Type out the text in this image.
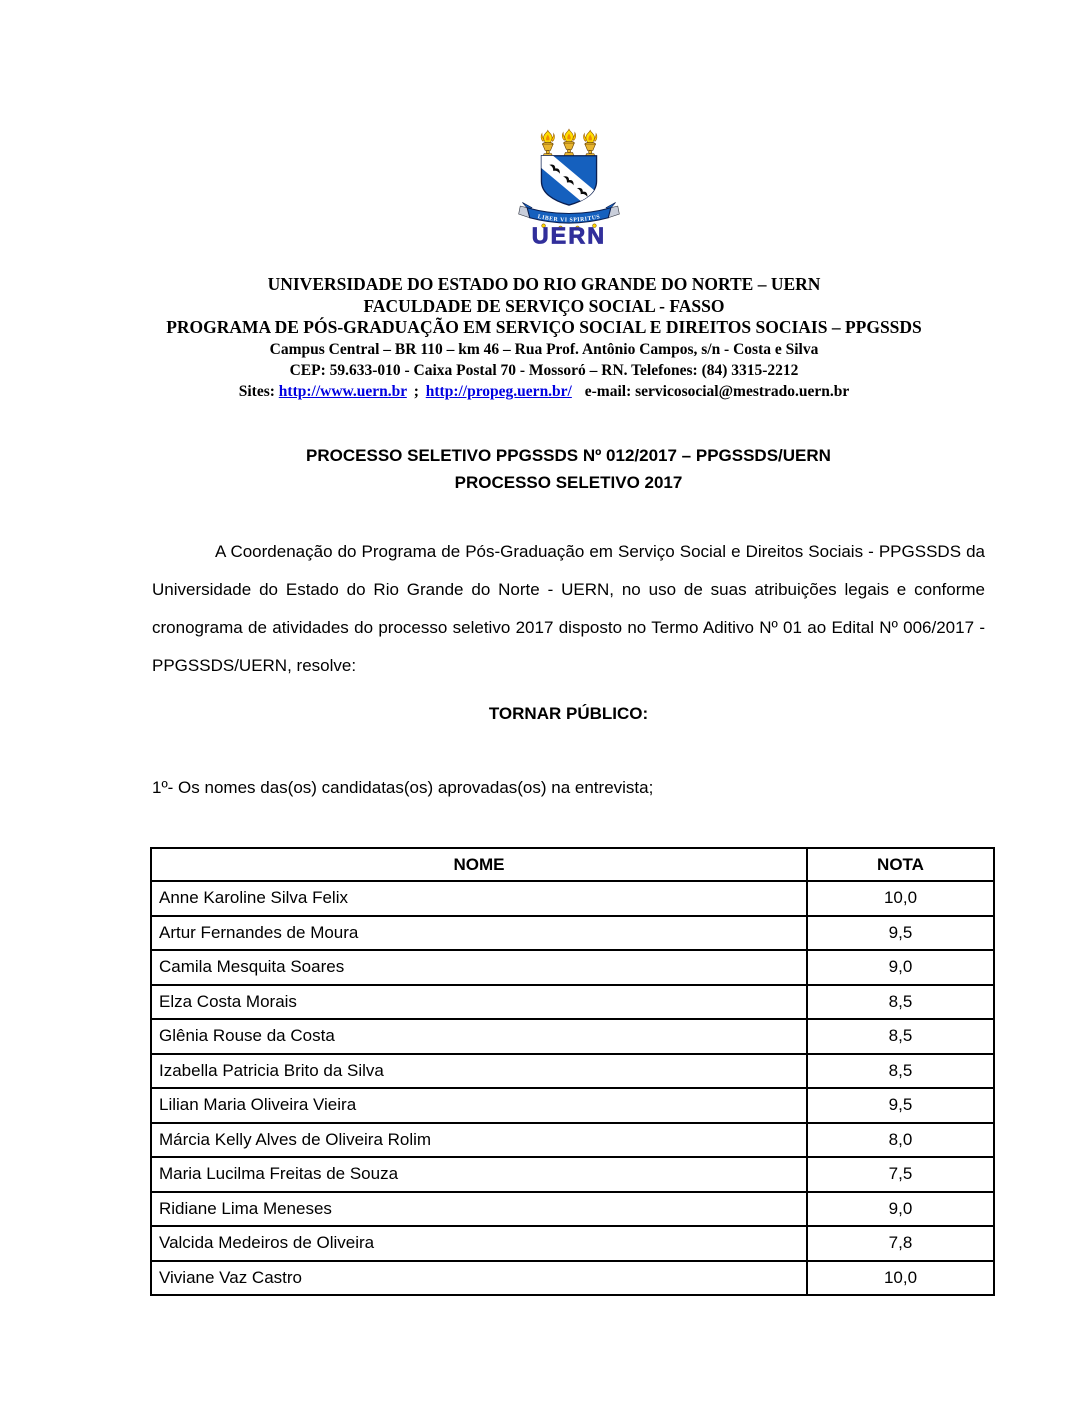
LIBER VI SPIRITUS
UERN
UNIVERSIDADE DO ESTADO DO RIO GRANDE DO NORTE – UERN
FACULDADE DE SERVIÇO SOCIAL - FASSO
PROGRAMA DE PÓS-GRADUAÇÃO EM SERVIÇO SOCIAL E DIREITOS SOCIAIS – PPGSSDS
Campus Central – BR 110 – km 46 – Rua Prof. Antônio Campos, s/n - Costa e Silva
CEP: 59.633-010 - Caixa Postal 70 - Mossoró – RN. Telefones: (84) 3315-2212
Sites: http://www.uern.br ; http://propeg.uern.br/ e-mail: servicosocial@mestrado.uern.br
PROCESSO SELETIVO PPGSSDS Nº 012/2017 – PPGSSDS/UERN
PROCESSO SELETIVO 2017
A Coordenação do Programa de Pós-Graduação em Serviço Social e Direitos Sociais - PPGSSDS da Universidade do Estado do Rio Grande do Norte - UERN, no uso de suas atribuições legais e conforme cronograma de atividades do processo seletivo 2017 disposto no Termo Aditivo Nº 01 ao Edital Nº 006/2017 - PPGSSDS/UERN, resolve:
TORNAR PÚBLICO:
1º- Os nomes das(os) candidatas(os) aprovadas(os) na entrevista;
NOME	NOTA
Anne Karoline Silva Felix	10,0
Artur Fernandes de Moura	9,5
Camila Mesquita Soares	9,0
Elza Costa Morais	8,5
Glênia Rouse da Costa	8,5
Izabella Patricia Brito da Silva	8,5
Lilian Maria Oliveira Vieira	9,5
Márcia Kelly Alves de Oliveira Rolim	8,0
Maria Lucilma Freitas de Souza	7,5
Ridiane Lima Meneses	9,0
Valcida Medeiros de Oliveira	7,8
Viviane Vaz Castro	10,0
